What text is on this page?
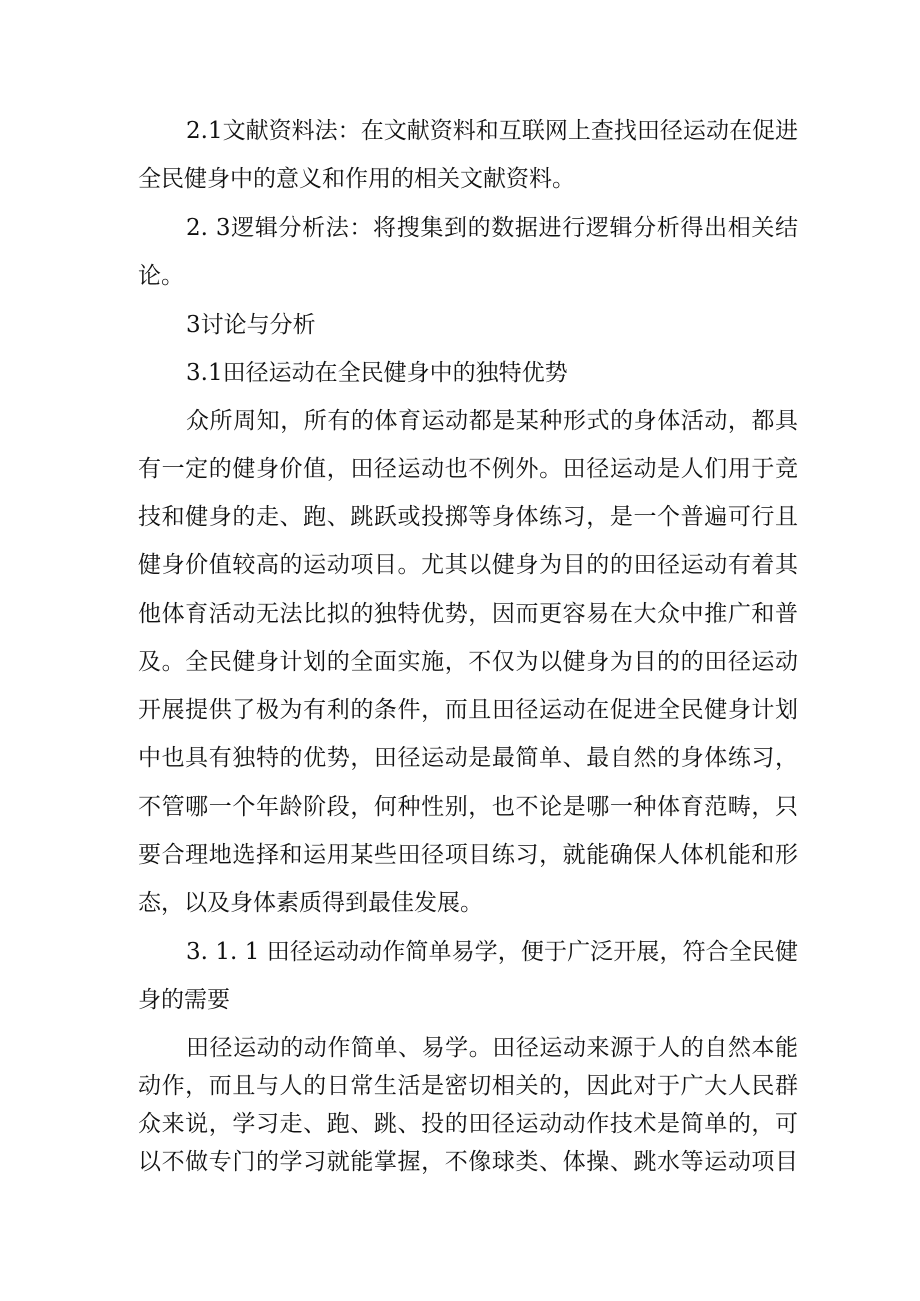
2.1文献资料法：在文献资料和互联网上查找田径运动在促进
全民健身中的意义和作用的相关文献资料。
2. 3逻辑分析法：将搜集到的数据进行逻辑分析得出相关结
论。
3讨论与分析
3.1田径运动在全民健身中的独特优势
众所周知，所有的体育运动都是某种形式的身体活动，都具
有一定的健身价值，田径运动也不例外。田径运动是人们用于竞
技和健身的走、跑、跳跃或投掷等身体练习，是一个普遍可行且
健身价值较高的运动项目。尤其以健身为目的的田径运动有着其
他体育活动无法比拟的独特优势，因而更容易在大众中推广和普
及。全民健身计划的全面实施，不仅为以健身为目的的田径运动
开展提供了极为有利的条件，而且田径运动在促进全民健身计划
中也具有独特的优势，田径运动是最简单、最自然的身体练习，
不管哪一个年龄阶段，何种性别，也不论是哪一种体育范畴，只
要合理地选择和运用某些田径项目练习，就能确保人体机能和形
态，以及身体素质得到最佳发展。
3. 1. 1 田径运动动作简单易学，便于广泛开展，符合全民健
身的需要
田径运动的动作简单、易学。田径运动来源于人的自然本能
动作，而且与人的日常生活是密切相关的，因此对于广大人民群
众来说，学习走、跑、跳、投的田径运动动作技术是简单的，可
以不做专门的学习就能掌握，不像球类、体操、跳水等运动项目
